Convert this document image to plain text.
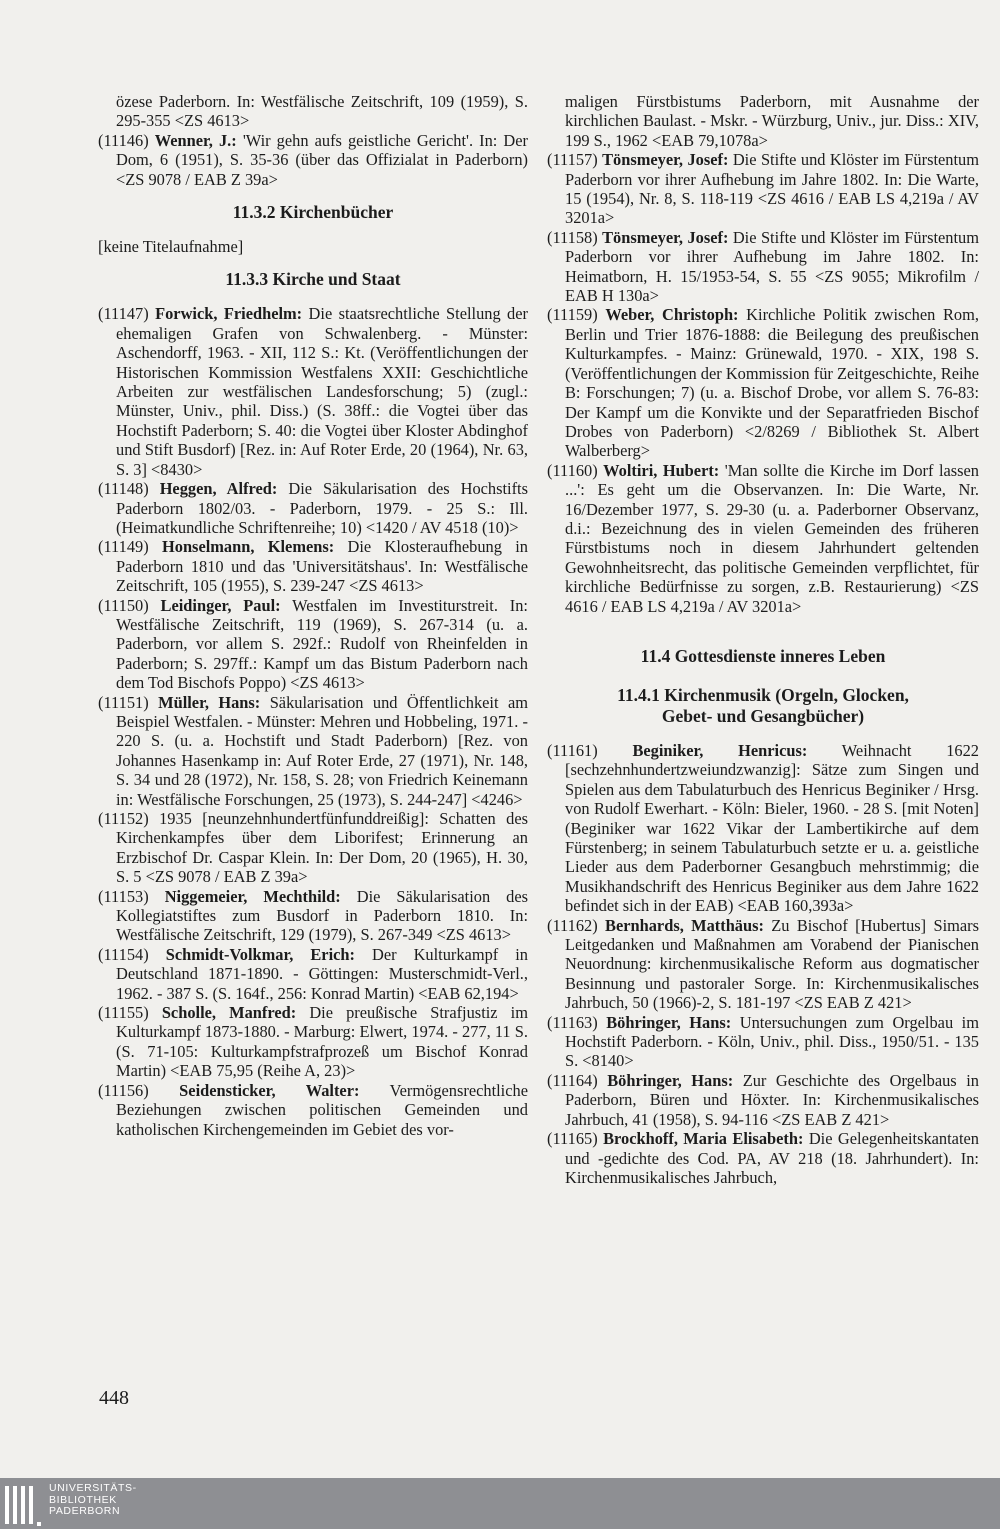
özese Paderborn. In: Westfälische Zeitschrift, 109 (1959), S. 295-355 <ZS 4613>

(11146) Wenner, J.: 'Wir gehn aufs geistliche Gericht'. In: Der Dom, 6 (1951), S. 35-36 (über das Offizialat in Paderborn) <ZS 9078 / EAB Z 39a>

11.3.2 Kirchenbücher

[keine Titelaufnahme]

11.3.3 Kirche und Staat

(11147) Forwick, Friedhelm: Die staatsrechtliche Stellung der ehemaligen Grafen von Schwalenberg. - Münster: Aschendorff, 1963. - XII, 112 S.: Kt. (Veröffentlichungen der Historischen Kommission Westfalens XXII: Geschichtliche Arbeiten zur westfälischen Landesforschung; 5) (zugl.: Münster, Univ., phil. Diss.) (S. 38ff.: die Vogtei über das Hochstift Paderborn; S. 40: die Vogtei über Kloster Abdinghof und Stift Busdorf) [Rez. in: Auf Roter Erde, 20 (1964), Nr. 63, S. 3] <8430>

(11148) Heggen, Alfred: Die Säkularisation des Hochstifts Paderborn 1802/03. - Paderborn, 1979. - 25 S.: Ill. (Heimatkundliche Schriftenreihe; 10) <1420 / AV 4518 (10)>

(11149) Honselmann, Klemens: Die Klosteraufhebung in Paderborn 1810 und das 'Universitätshaus'. In: Westfälische Zeitschrift, 105 (1955), S. 239-247 <ZS 4613>

(11150) Leidinger, Paul: Westfalen im Investiturstreit. In: Westfälische Zeitschrift, 119 (1969), S. 267-314 (u. a. Paderborn, vor allem S. 292f.: Rudolf von Rheinfelden in Paderborn; S. 297ff.: Kampf um das Bistum Paderborn nach dem Tod Bischofs Poppo) <ZS 4613>

(11151) Müller, Hans: Säkularisation und Öffentlichkeit am Beispiel Westfalen. - Münster: Mehren und Hobbeling, 1971. - 220 S. (u. a. Hochstift und Stadt Paderborn) [Rez. von Johannes Hasenkamp in: Auf Roter Erde, 27 (1971), Nr. 148, S. 34 und 28 (1972), Nr. 158, S. 28; von Friedrich Keinemann in: Westfälische Forschungen, 25 (1973), S. 244-247] <4246>

(11152) 1935 [neunzehnhundertfünfunddreißig]: Schatten des Kirchenkampfes über dem Liborifest; Erinnerung an Erzbischof Dr. Caspar Klein. In: Der Dom, 20 (1965), H. 30, S. 5 <ZS 9078 / EAB Z 39a>

(11153) Niggemeier, Mechthild: Die Säkularisation des Kollegiatstiftes zum Busdorf in Paderborn 1810. In: Westfälische Zeitschrift, 129 (1979), S. 267-349 <ZS 4613>

(11154) Schmidt-Volkmar, Erich: Der Kulturkampf in Deutschland 1871-1890. - Göttingen: Musterschmidt-Verl., 1962. - 387 S. (S. 164f., 256: Konrad Martin) <EAB 62,194>

(11155) Scholle, Manfred: Die preußische Strafjustiz im Kulturkampf 1873-1880. - Marburg: Elwert, 1974. - 277, 11 S. (S. 71-105: Kulturkampfstrafprozeß um Bischof Konrad Martin) <EAB 75,95 (Reihe A, 23)>

(11156) Seidensticker, Walter: Vermögensrechtliche Beziehungen zwischen politischen Gemeinden und katholischen Kirchengemeinden im Gebiet des vor-

maligen Fürstbistums Paderborn, mit Ausnahme der kirchlichen Baulast. - Mskr. - Würzburg, Univ., jur. Diss.: XIV, 199 S., 1962 <EAB 79,1078a>

(11157) Tönsmeyer, Josef: Die Stifte und Klöster im Fürstentum Paderborn vor ihrer Aufhebung im Jahre 1802. In: Die Warte, 15 (1954), Nr. 8, S. 118-119 <ZS 4616 / EAB LS 4,219a / AV 3201a>

(11158) Tönsmeyer, Josef: Die Stifte und Klöster im Fürstentum Paderborn vor ihrer Aufhebung im Jahre 1802. In: Heimatborn, H. 15/1953-54, S. 55 <ZS 9055; Mikrofilm / EAB H 130a>

(11159) Weber, Christoph: Kirchliche Politik zwischen Rom, Berlin und Trier 1876-1888: die Beilegung des preußischen Kulturkampfes. - Mainz: Grünewald, 1970. - XIX, 198 S. (Veröffentlichungen der Kommission für Zeitgeschichte, Reihe B: Forschungen; 7) (u. a. Bischof Drobe, vor allem S. 76-83: Der Kampf um die Konvikte und der Separatfrieden Bischof Drobes von Paderborn) <2/8269 / Bibliothek St. Albert Walberberg>

(11160) Woltiri, Hubert: 'Man sollte die Kirche im Dorf lassen ...': Es geht um die Observanzen. In: Die Warte, Nr. 16/Dezember 1977, S. 29-30 (u. a. Paderborner Observanz, d.i.: Bezeichnung des in vielen Gemeinden des früheren Fürstbistums noch in diesem Jahrhundert geltenden Gewohnheitsrecht, das politische Gemeinden verpflichtet, für kirchliche Bedürfnisse zu sorgen, z.B. Restaurierung) <ZS 4616 / EAB LS 4,219a / AV 3201a>

11.4 Gottesdienste inneres Leben
11.4.1 Kirchenmusik (Orgeln, Glocken,
Gebet- und Gesangbücher)

(11161) Beginiker, Henricus: Weihnacht 1622 [sechzehnhundertzweiundzwanzig]: Sätze zum Singen und Spielen aus dem Tabulaturbuch des Henricus Beginiker / Hrsg. von Rudolf Ewerhart. - Köln: Bieler, 1960. - 28 S. [mit Noten] (Beginiker war 1622 Vikar der Lambertikirche auf dem Fürstenberg; in seinem Tabulaturbuch setzte er u. a. geistliche Lieder aus dem Paderborner Gesangbuch mehrstimmig; die Musikhandschrift des Henricus Beginiker aus dem Jahre 1622 befindet sich in der EAB) <EAB 160,393a>

(11162) Bernhards, Matthäus: Zu Bischof [Hubertus] Simars Leitgedanken und Maßnahmen am Vorabend der Pianischen Neuordnung: kirchenmusikalische Reform aus dogmatischer Besinnung und pastoraler Sorge. In: Kirchenmusikalisches Jahrbuch, 50 (1966)-2, S. 181-197 <ZS EAB Z 421>

(11163) Böhringer, Hans: Untersuchungen zum Orgelbau im Hochstift Paderborn. - Köln, Univ., phil. Diss., 1950/51. - 135 S. <8140>

(11164) Böhringer, Hans: Zur Geschichte des Orgelbaus in Paderborn, Büren und Höxter. In: Kirchenmusikalisches Jahrbuch, 41 (1958), S. 94-116 <ZS EAB Z 421>

(11165) Brockhoff, Maria Elisabeth: Die Gelegenheitskantaten und -gedichte des Cod. PA, AV 218 (18. Jahrhundert). In: Kirchenmusikalisches Jahrbuch,

448
UNIVERSITÄTS-
BIBLIOTHEK
PADERBORN
